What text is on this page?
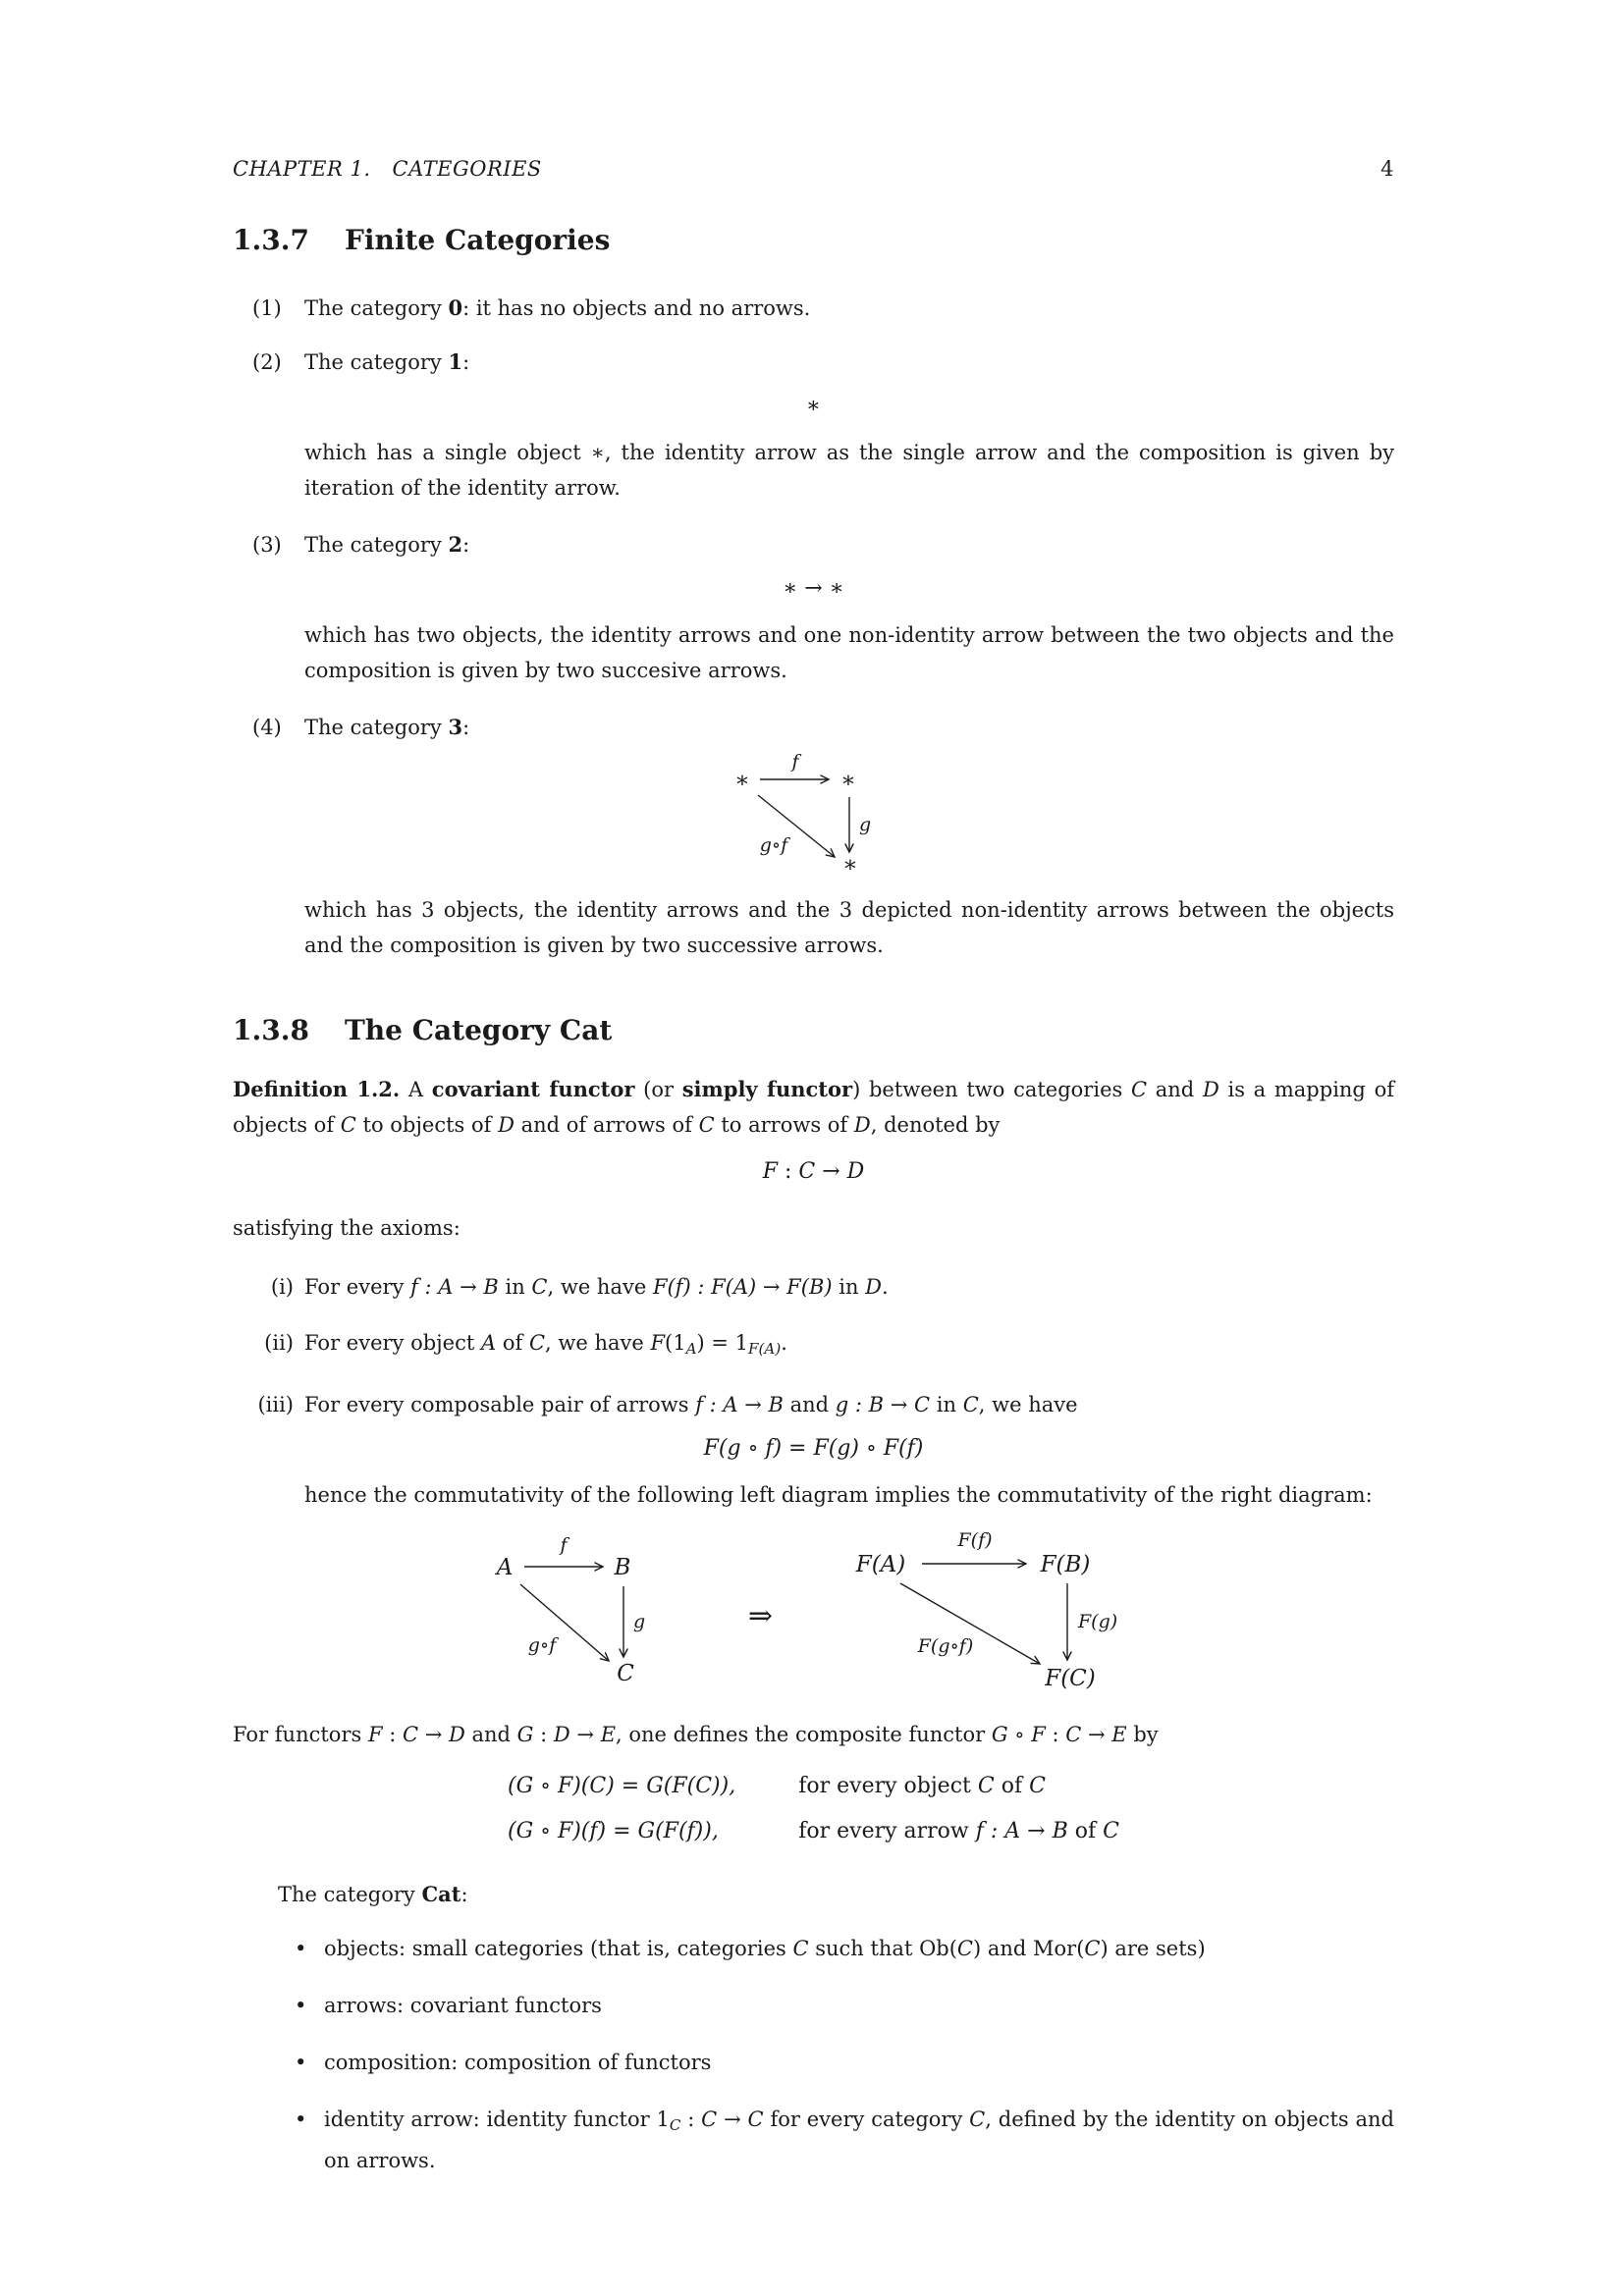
CHAPTER 1. CATEGORIES	4
1.3.7 Finite Categories
(1) The category 0: it has no objects and no arrows.
(2) The category 1:
∗
which has a single object ∗, the identity arrow as the single arrow and the composition is given by iteration of the identity arrow.
(3) The category 2:
∗ → ∗
which has two objects, the identity arrows and one non-identity arrow between the two objects and the composition is given by two succesive arrows.
(4) The category 3:
∗	∗
∗
f
g
g∘f
which has 3 objects, the identity arrows and the 3 depicted non-identity arrows between the objects and the composition is given by two successive arrows.
1.3.8 The Category Cat
Definition 1.2. A covariant functor (or simply functor) between two categories C and D is a mapping of objects of C to objects of D and of arrows of C to arrows of D, denoted by
F : C → D
satisfying the axioms:
(i) For every f : A → B in C, we have F(f) : F(A) → F(B) in D.
(ii) For every object A of C, we have $F(1_A) = 1_{F(A)}$.
(iii) For every composable pair of arrows f : A → B and g : B → C in C, we have
F(g ∘ f) = F(g) ∘ F(f)
hence the commutativity of the following left diagram implies the commutativity of the right diagram:
A	B
C
f
g
g∘f
⇒
F(A)	F(B)
F(C)
F(f)
F(g)
F(g∘f)
For functors F : C → D and G : D → E, one defines the composite functor G ∘ F : C → E by
(G ∘ F)(C) = G(F(C)),	for every object C of C
(G ∘ F)(f) = G(F(f)),	for every arrow f : A → B of C
The category Cat:
• objects: small categories (that is, categories C such that Ob(C) and Mor(C) are sets)
• arrows: covariant functors
• composition: composition of functors
• identity arrow: identity functor $1_C$ : C → C for every category C, defined by the identity on objects and on arrows.
